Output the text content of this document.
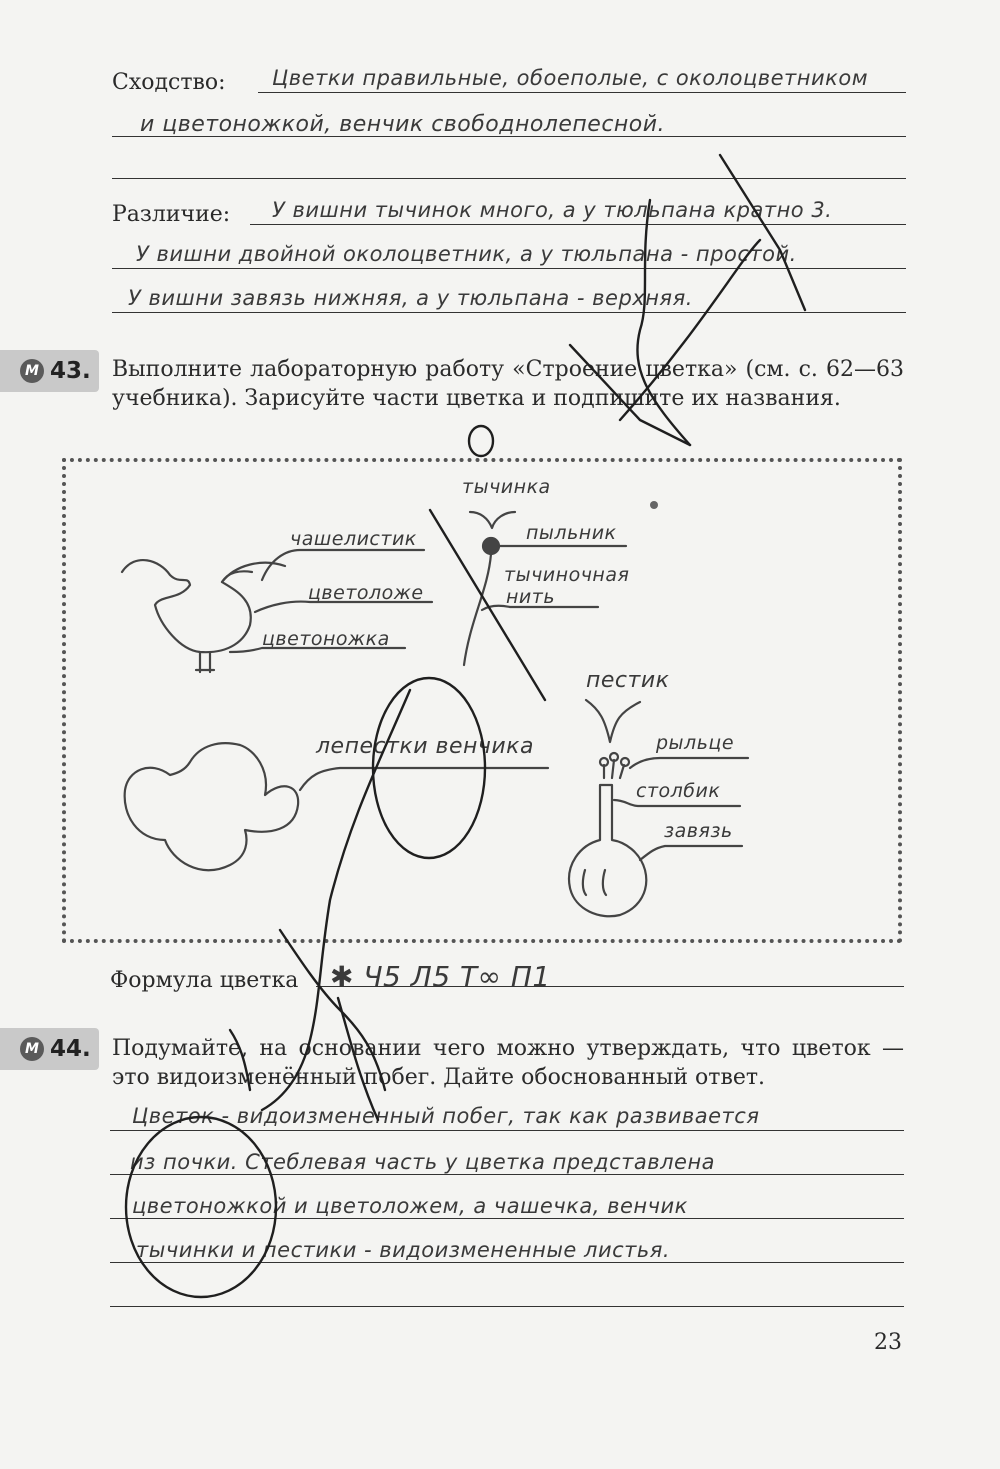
Сходство: Цветки правильные, обоеполые, с околоцветником
и цветоножкой, венчик свободнолепесной.
Различие: У вишни тычинок много, а у тюльпана кратно 3.
У вишни двойной околоцветник, а у тюльпана - простой.
У вишни завязь нижняя, а у тюльпана - верхняя.
М 43. Выполните лабораторную работу «Строение цветка» (см. с. 62—63 учебника). Зарисуйте части цветка и подпишите их названия.
чашелистик
цветоложе
цветоножка
тычинка
пыльник
тычиночная
нить
лепестки венчика
пестик
рыльце
столбик
завязь
Формула цветка ✱ Ч5 Л5 Т∞ П1
М 44. Подумайте, на основании чего можно утверждать, что цветок — это видоизменённый побег. Дайте обоснованный ответ.
Цветок - видоизмененный побег, так как развивается
из почки. Стеблевая часть у цветка представлена
цветоножкой и цветоложем, а чашечка, венчик
тычинки и пестики - видоизмененные листья.
23
